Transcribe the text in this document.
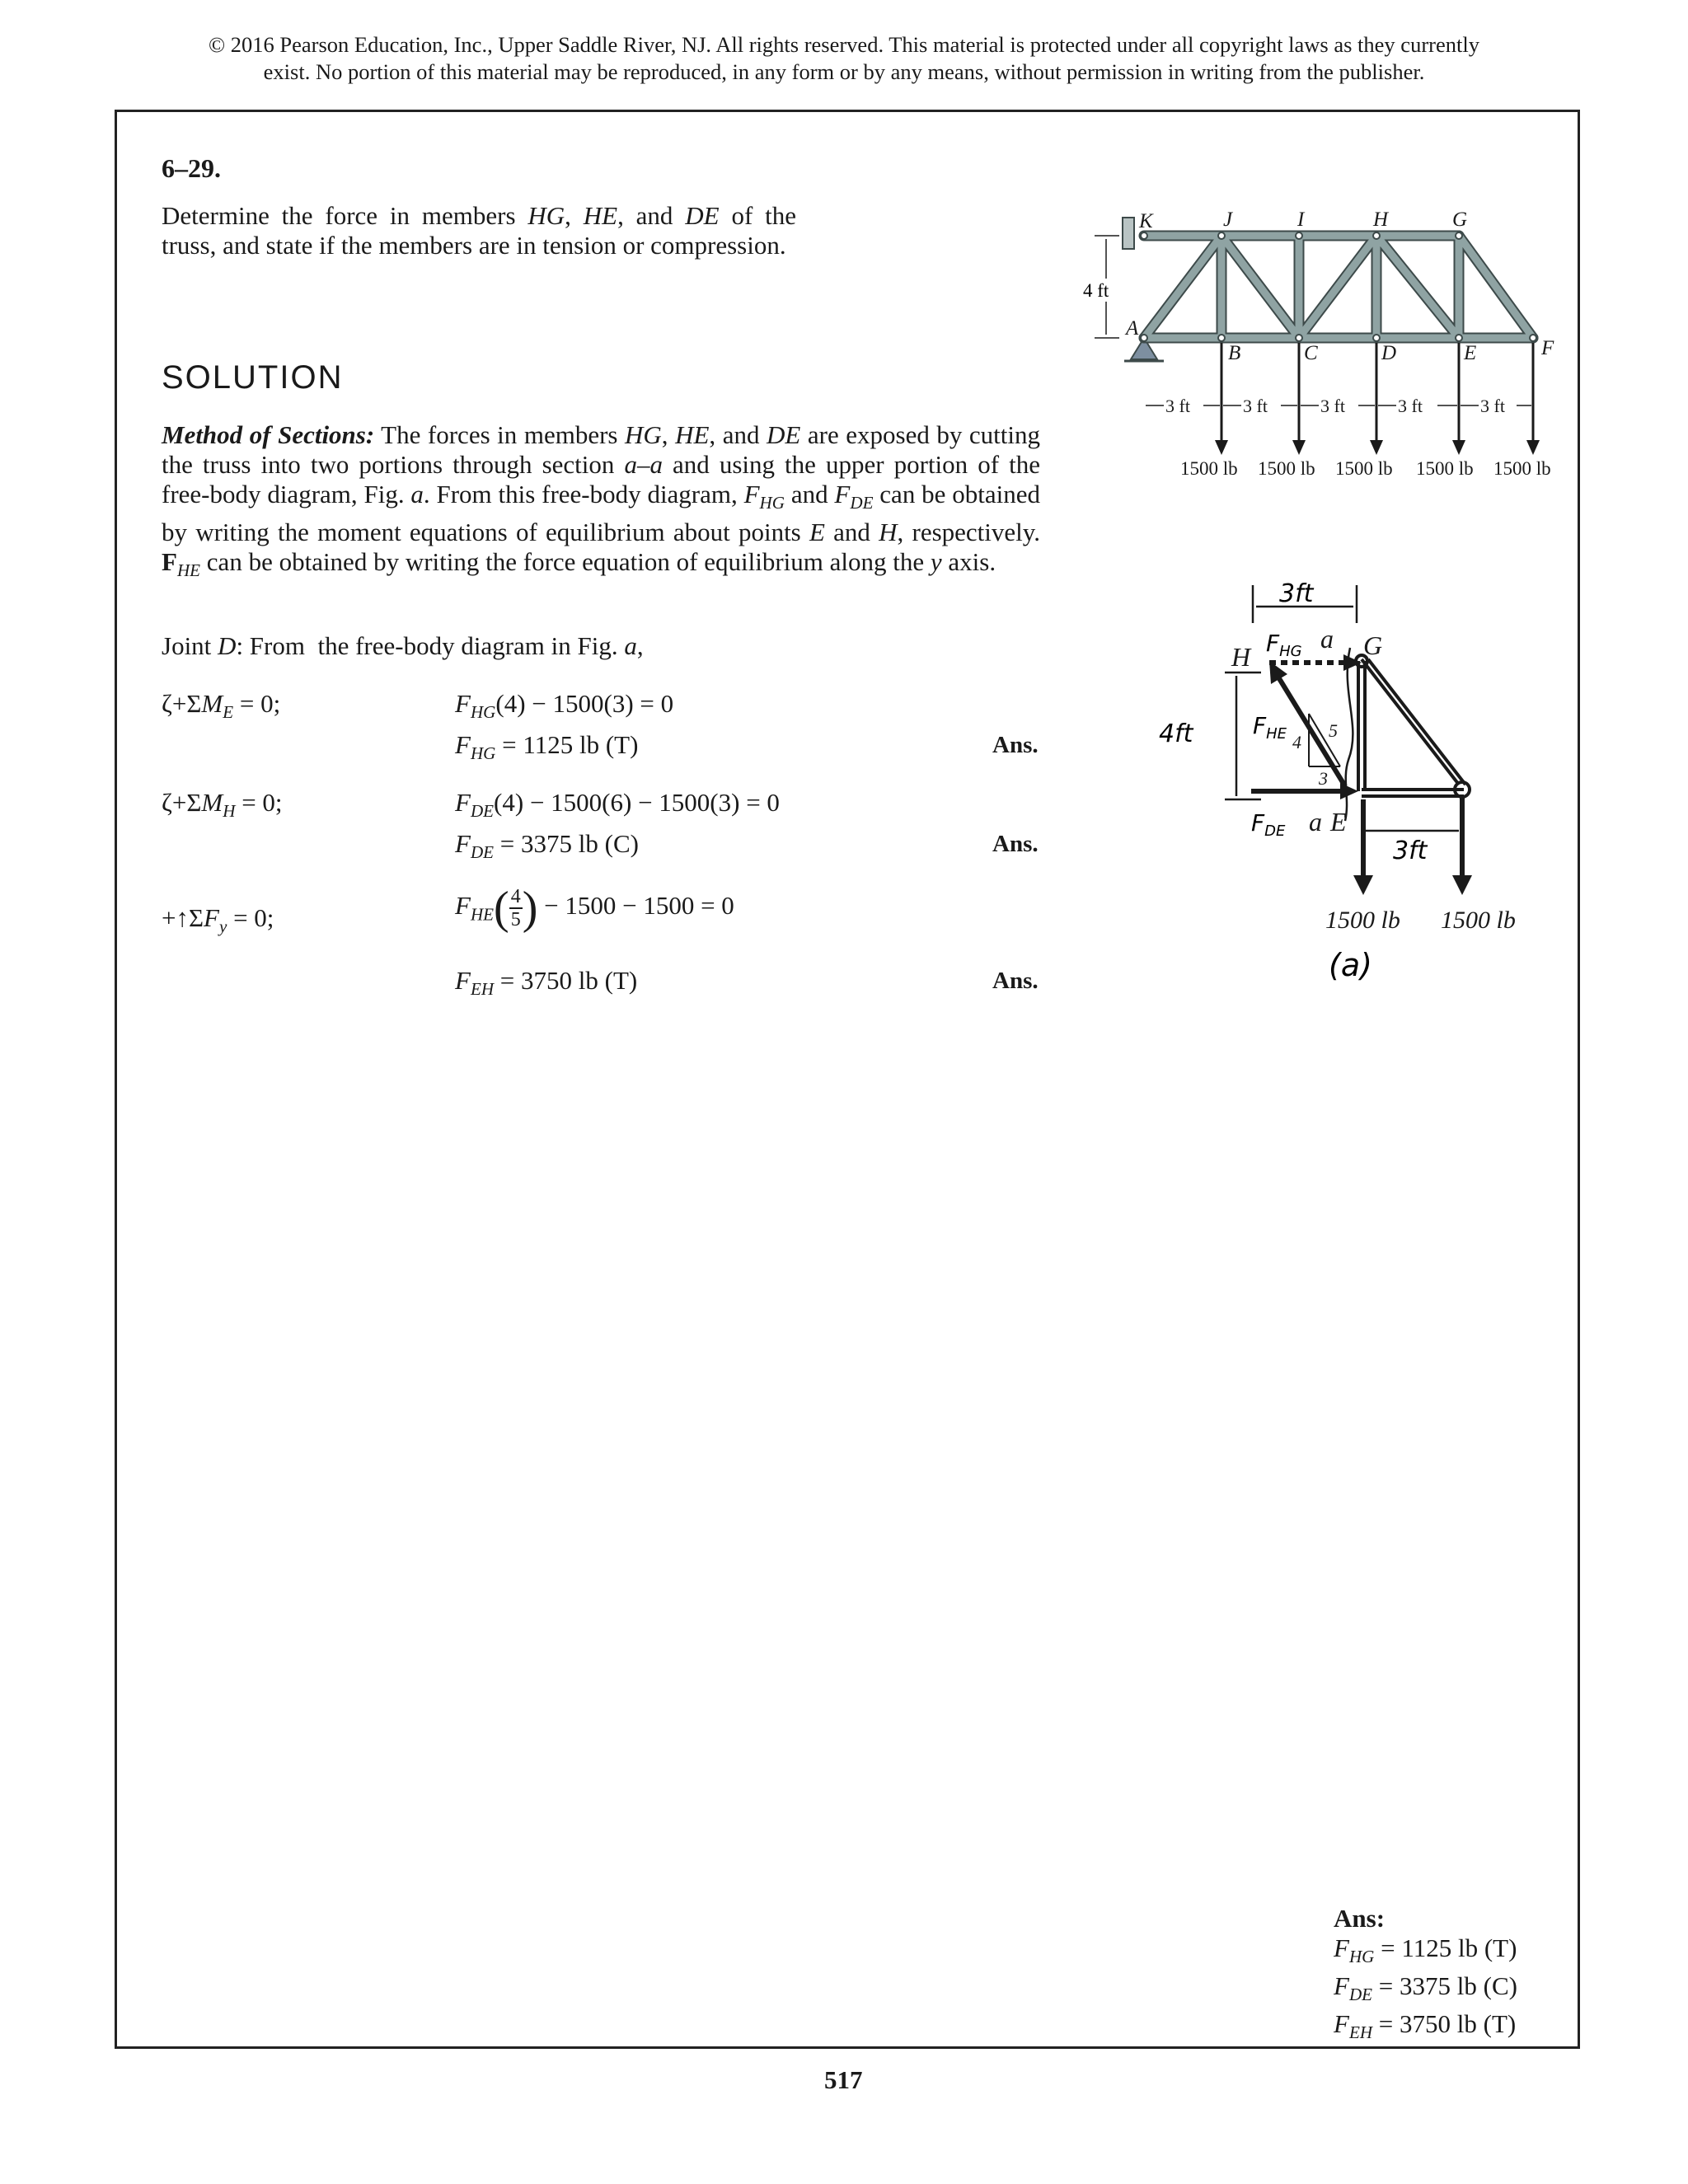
© 2016 Pearson Education, Inc., Upper Saddle River, NJ. All rights reserved. This material is protected under all copyright laws as they currently
exist. No portion of this material may be reproduced, in any form or by any means, without permission in writing from the publisher.
6–29.
Determine the force in members HG, HE, and DE of the
truss, and state if the members are in tension or compression.
SOLUTION
Method of Sections: The forces in members HG, HE, and DE are exposed by cutting the truss into two portions through section a–a and using the upper portion of the free-body diagram, Fig. a. From this free-body diagram, $F_{HG}$ and $F_{DE}$ can be obtained by writing the moment equations of equilibrium about points E and H, respectively. $F_{HE}$ can be obtained by writing the force equation of equilibrium along the y axis.
Joint D: From  the free-body diagram in Fig. a,
$\zeta+\Sigma M_E = 0$;	$F_{HG}(4) - 1500(3) = 0$
$F_{HG} = 1125$ lb (T)	Ans.
$\zeta+\Sigma M_H = 0$;	$F_{DE}(4) - 1500(6) - 1500(3) = 0$
$F_{DE} = 3375$ lb (C)	Ans.
$+↑\Sigma F_y = 0$;	$F_{HE}( \frac{4}{5}$ ) − 1500 − 1500 = 0
$F_{EH} = 3750$ lb (T)	Ans.
K	J	I	H	G
A
B	C	D	E	F
4 ft
3 ft	3 ft	3 ft	3 ft	3 ft
1500 lb 1500 lb 1500 lb 1500 lb 1500 lb
3ft
4ft	5
4
3
$F_{HG}$
$F_{HE}$
$F_{DE}$
a
a
H	G
E
3ft
1500 lb 1500 lb
(a)
Ans:
$F_{HG} = 1125$ lb (T)
$F_{DE} = 3375$ lb (C)
$F_{EH} = 3750$ lb (T)
517
